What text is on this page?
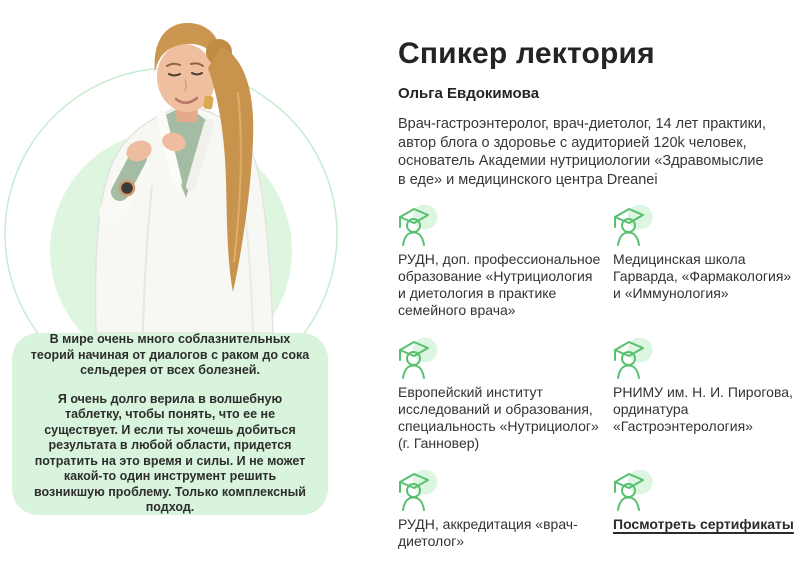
В мире очень много соблазнительных теорий начиная от диалогов с раком до сока сельдерея от всех болезней.

Я очень долго верила в волшебную таблетку, чтобы понять, что ее не существует. И если ты хочешь добиться результата в любой области, придется потратить на это время и силы. И не может какой-то один инструмент решить возникшую проблему. Только комплексный подход.

Спикер лектория
Ольга Евдокимова

Врач-гастроэнтеролог, врач-диетолог, 14 лет практики, автор блога о здоровье с аудиторией 120k человек, основатель Академии нутрициологии «Здравомыслие в еде» и медицинского центра Dreanei

РУДН, доп. профессиональное образование «Нутрициология и диетология в практике семейного врача»
Медицинская школа Гарварда, «Фармакология» и «Иммунология»
Европейский институт исследований и образования, специальность «Нутрициолог» (г. Ганновер)
РНИМУ им. Н. И. Пирогова, ординатура «Гастроэнтерология»
РУДН, аккредитация «врач-диетолог»
Посмотреть сертификаты
